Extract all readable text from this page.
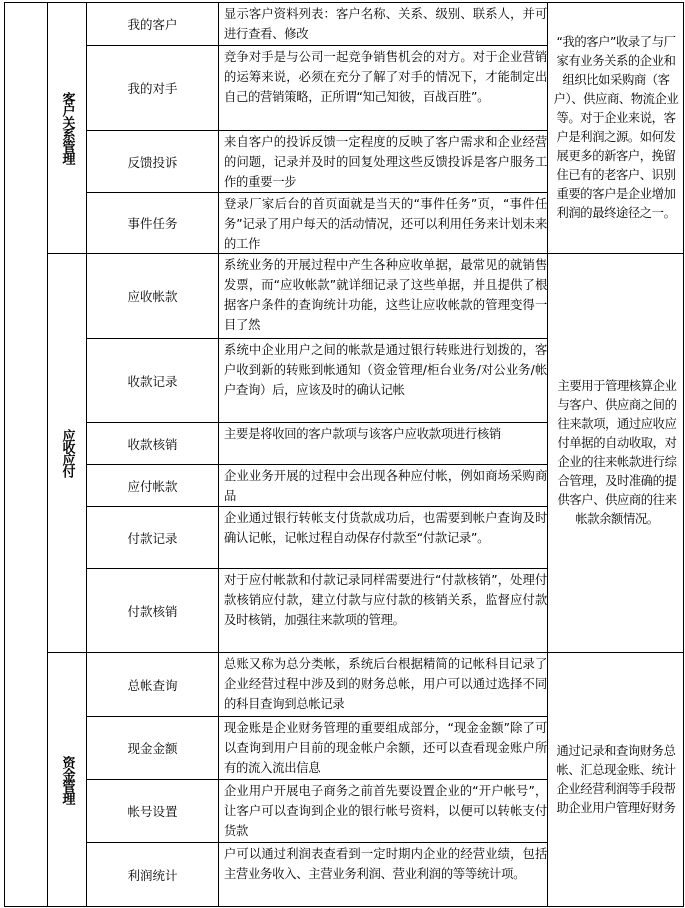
客户关系管理
“我的客户”收录了与厂家有业务关系的企业和组织比如采购商（客户）、供应商、物流企业等。对于企业来说，客户是利润之源。如何发展更多的新客户，挽留住已有的老客户、识别重要的客户是企业增加利润的最终途径之一。
我的客户
显示客户资料列表：客户名称、关系、级别、联系人，并可进行查看、修改
我的对手
竞争对手是与公司一起竞争销售机会的对方。对于企业营销的运筹来说，必须在充分了解了对手的情况下，才能制定出自己的营销策略，正所谓“知己知彼，百战百胜”。
反馈投诉
来自客户的投诉反馈一定程度的反映了客户需求和企业经营的问题，记录并及时的回复处理这些反馈投诉是客户服务工作的重要一步
事件任务
登录厂家后台的首页面就是当天的“事件任务”页，“事件任务”记录了用户每天的活动情况，还可以利用任务来计划未来的工作
应收应付
主要用于管理核算企业与客户、供应商之间的往来款项，通过应收应付单据的自动收取，对企业的往来帐款进行综合管理，及时准确的提供客户、供应商的往来帐款余额情况。
应收帐款
系统业务的开展过程中产生各种应收单据，最常见的就销售发票，而“应收帐款”就详细记录了这些单据，并且提供了根据客户条件的查询统计功能，这些让应收帐款的管理变得一目了然
收款记录
系统中企业用户之间的帐款是通过银行转账进行划拨的，客户收到新的转账到帐通知（资金管理/柜台业务/对公业务/帐户查询）后，应该及时的确认记帐
收款核销
主要是将收回的客户款项与该客户应收款项进行核销
应付帐款
企业业务开展的过程中会出现各种应付帐，例如商场采购商品
付款记录
企业通过银行转帐支付货款成功后，也需要到帐户查询及时确认记帐，记帐过程自动保存付款至“付款记录”。
付款核销
对于应付帐款和付款记录同样需要进行“付款核销”，处理付款核销应付款，建立付款与应付款的核销关系，监督应付款及时核销，加强往来款项的管理。
资金管理
通过记录和查询财务总帐、汇总现金账、统计企业经营利润等手段帮助企业用户管理好财务
总帐查询
总账又称为总分类帐，系统后台根据精简的记帐科目记录了企业经营过程中涉及到的财务总帐，用户可以通过选择不同的科目查询到总帐记录
现金金额
现金账是企业财务管理的重要组成部分，“现金金额”除了可以查询到用户目前的现金帐户余额，还可以查看现金账户所有的流入流出信息
帐号设置
企业用户开展电子商务之前首先要设置企业的“开户帐号”，让客户可以查询到企业的银行帐号资料，以便可以转帐支付货款
利润统计
户可以通过利润表查看到一定时期内企业的经营业绩，包括主营业务收入、主营业务利润、营业利润的等等统计项。
